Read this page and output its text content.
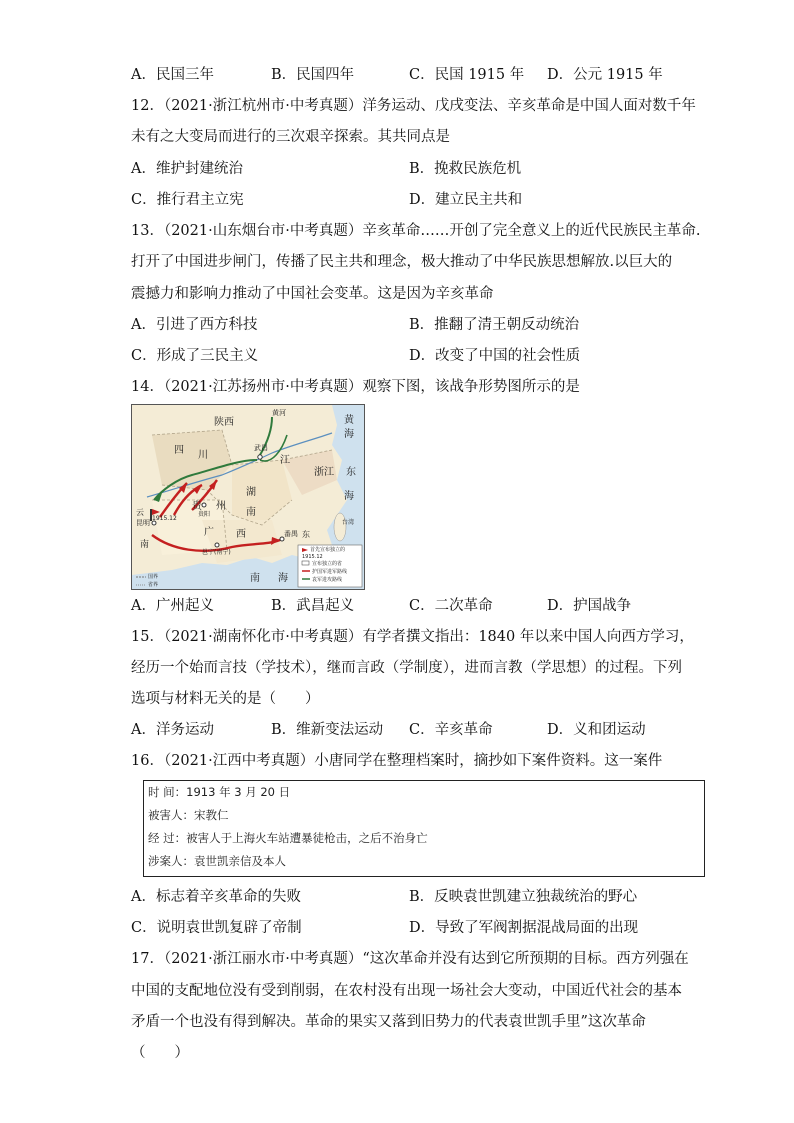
A．民国三年	B．民国四年	C．民国 1915 年 D．公元 1915 年
12．（2021·浙江杭州市·中考真题）洋务运动、戊戌变法、辛亥革命是中国人面对数千年
未有之大变局而进行的三次艰辛探索。其共同点是
A．维护封建统治	B．挽救民族危机
C．推行君主立宪	D．建立民主共和
13．（2021·山东烟台市·中考真题）辛亥革命……开创了完全意义上的近代民族民主革命.
打开了中国进步闸门，传播了民主共和理念，极大推动了中华民族思想解放.以巨大的
震撼力和影响力推动了中国社会变革。这是因为辛亥革命
A．引进了西方科技	B．推翻了清王朝反动统治
C．形成了三民主义	D．改变了中国的社会性质
14．（2021·江苏扬州市·中考真题）观察下图，该战争形势图所示的是
陕西
黄河
黄
海
四 川
武昌
江
浙江 东
海
湖
南
贵 州
贵阳
云
昆明
1915.12
南
广 西
邕宁(南宁)
番禺 东
台湾
南 海
首先宣布独立的
1915.12
宣布独立的省
护国军进军路线
袁军进攻路线
国界
省界
A．广州起义	B．武昌起义	C．二次革命	D．护国战争
15．（2021·湖南怀化市·中考真题）有学者撰文指出：1840 年以来中国人向西方学习，
经历一个始而言技（学技术），继而言政（学制度），进而言教（学思想）的过程。下列
选项与材料无关的是（　　）
A．洋务运动	B．维新变法运动 C．辛亥革命	D．义和团运动
16．（2021·江西中考真题）小唐同学在整理档案时，摘抄如下案件资料。这一案件
时 间：1913 年 3 月 20 日
被害人：宋教仁
经 过：被害人于上海火车站遭暴徒枪击，之后不治身亡
涉案人：袁世凯亲信及本人
A．标志着辛亥革命的失败	B．反映袁世凯建立独裁统治的野心
C．说明袁世凯复辟了帝制	D．导致了军阀割据混战局面的出现
17．（2021·浙江丽水市·中考真题）“这次革命并没有达到它所预期的目标。西方列强在
中国的支配地位没有受到削弱，在农村没有出现一场社会大变动，中国近代社会的基本
矛盾一个也没有得到解决。革命的果实又落到旧势力的代表袁世凯手里”这次革命
（　　）
